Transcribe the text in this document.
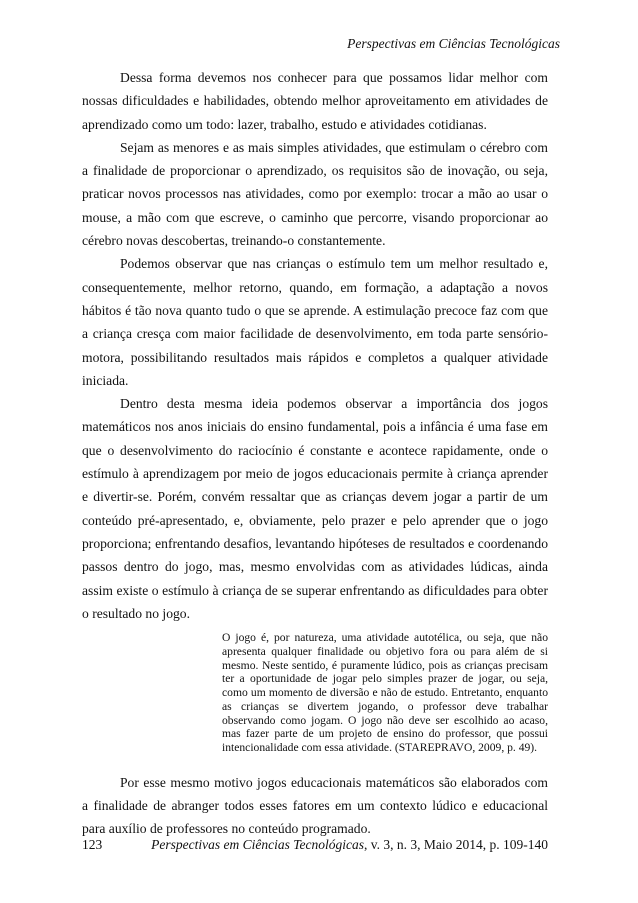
Perspectivas em Ciências Tecnológicas

Dessa forma devemos nos conhecer para que possamos lidar melhor com nossas dificuldades e habilidades, obtendo melhor aproveitamento em atividades de aprendizado como um todo: lazer, trabalho, estudo e atividades cotidianas.

Sejam as menores e as mais simples atividades, que estimulam o cérebro com a finalidade de proporcionar o aprendizado, os requisitos são de inovação, ou seja, praticar novos processos nas atividades, como por exemplo: trocar a mão ao usar o mouse, a mão com que escreve, o caminho que percorre, visando proporcionar ao cérebro novas descobertas, treinando-o constantemente.

Podemos observar que nas crianças o estímulo tem um melhor resultado e, consequentemente, melhor retorno, quando, em formação, a adaptação a novos hábitos é tão nova quanto tudo o que se aprende. A estimulação precoce faz com que a criança cresça com maior facilidade de desenvolvimento, em toda parte sensório-motora, possibilitando resultados mais rápidos e completos a qualquer atividade iniciada.

Dentro desta mesma ideia podemos observar a importância dos jogos matemáticos nos anos iniciais do ensino fundamental, pois a infância é uma fase em que o desenvolvimento do raciocínio é constante e acontece rapidamente, onde o estímulo à aprendizagem por meio de jogos educacionais permite à criança aprender e divertir-se. Porém, convém ressaltar que as crianças devem jogar a partir de um conteúdo pré-apresentado, e, obviamente, pelo prazer e pelo aprender que o jogo proporciona; enfrentando desafios, levantando hipóteses de resultados e coordenando passos dentro do jogo, mas, mesmo envolvidas com as atividades lúdicas, ainda assim existe o estímulo à criança de se superar enfrentando as dificuldades para obter o resultado no jogo.

O jogo é, por natureza, uma atividade autotélica, ou seja, que não apresenta qualquer finalidade ou objetivo fora ou para além de si mesmo. Neste sentido, é puramente lúdico, pois as crianças precisam ter a oportunidade de jogar pelo simples prazer de jogar, ou seja, como um momento de diversão e não de estudo. Entretanto, enquanto as crianças se divertem jogando, o professor deve trabalhar observando como jogam. O jogo não deve ser escolhido ao acaso, mas fazer parte de um projeto de ensino do professor, que possui intencionalidade com essa atividade. (STAREPRAVO, 2009, p. 49).

Por esse mesmo motivo jogos educacionais matemáticos são elaborados com a finalidade de abranger todos esses fatores em um contexto lúdico e educacional para auxílio de professores no conteúdo programado.

123	Perspectivas em Ciências Tecnológicas, v. 3, n. 3, Maio 2014, p. 109-140
